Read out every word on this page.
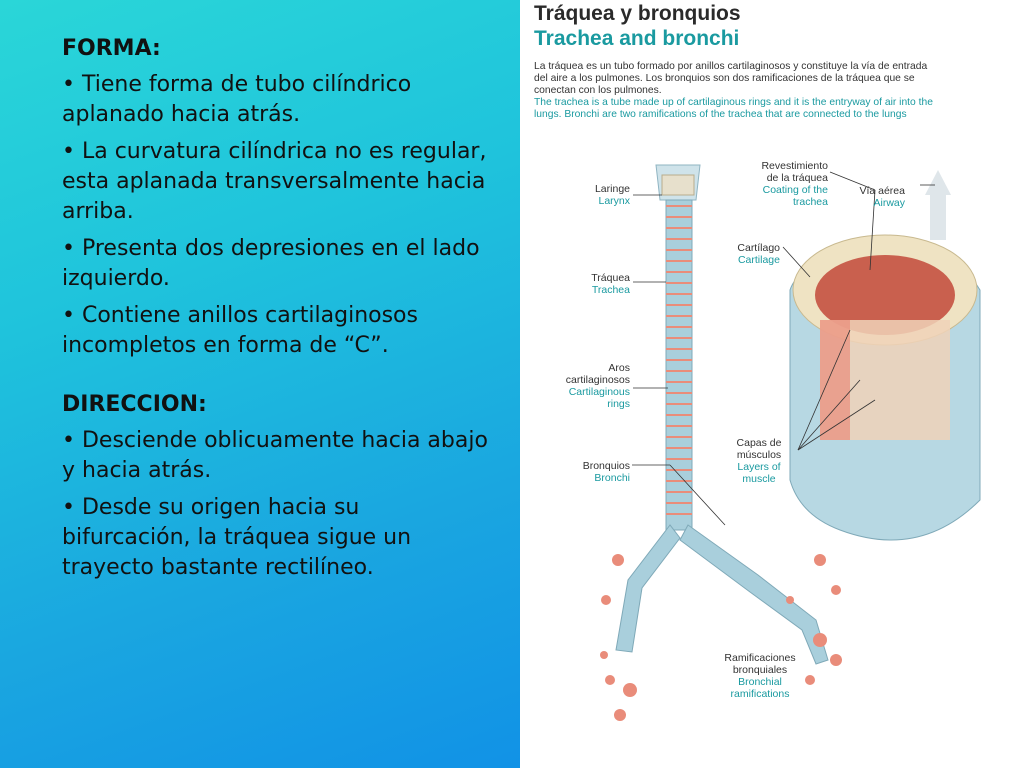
FORMA:
• Tiene forma de tubo cilíndrico aplanado hacia atrás.
• La curvatura cilíndrica no es regular, esta aplanada transversalmente hacia arriba.
• Presenta dos depresiones en el lado izquierdo.
• Contiene anillos cartilaginosos incompletos en forma de “C”.
DIRECCION:
• Desciende oblicuamente hacia abajo y hacia atrás.
• Desde su origen hacia su bifurcación, la tráquea sigue un trayecto bastante rectilíneo.
Tráquea y bronquios
Trachea and bronchi

La tráquea es un tubo formado por anillos cartilaginosos y constituye la vía de entrada del aire a los pulmones. Los bronquios son dos ramificaciones de la tráquea que se conectan con los pulmones.

The trachea is a tube made up of cartilaginous rings and it is the entryway of air into the lungs. Bronchi are two ramifications of the trachea that are connected to the lungs

Laringe
Larynx
Tráquea
Trachea
Aros cartilaginosos
Cartilaginous rings
Bronquios
Bronchi
Revestimiento de la tráquea
Coating of the trachea
Vía aérea
Airway
Cartílago
Cartilage
Capas de músculos
Layers of muscle
Ramificaciones bronquiales
Bronchial ramifications
